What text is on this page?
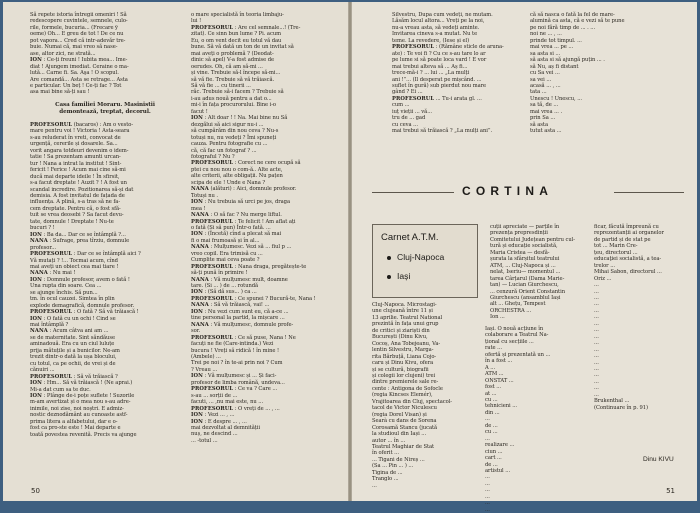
Să repete istoria întregii omeniri ! Să
redescopere cuvintele, semnele, culo-
rile, formele, bucuria... (Frecare ÿ
oeme) Oh... E greu de tot ! De ce nu
pot vapora... Cred că intr-adevăr tre-
buie. Numai că, mai vreo să nase-
ase, altor zici, ne strată...
ION : Ce-ți freuni ! Iubita mea... Ime-
diat ! Ajungem imediat. Ceraine o ma-
lută... Carne fi. Sa. Aşa ! O scopul.
Are comandă... Asta se retrage... Asta
e particular. Un beț ! Ce-ți fac ? Tot
asa mai bine să-ți sau !

Casa familiei Moraru. Masinistii
demontează, treptat, decorul.

PROFESORUL (bacaros) : Am o vesto-
mare pentru voi ! Victoria ! Asta-seara
s-au reluderat în vreti, convocat de
urgență, cererile și dosarele. Sa...
vorit angara totdeuri devenim o idem-
tatie ! Sa prezentam amunti urcan-
tur ! Nana a intrat la institut ! Sint-
fericit ! Ferice ! Acum mai cine să-mi
ducă mai departe ideile ! În sfirsit,
s-a facut dreptate ! Auzit ? ! A fost un
scandal incredire. Pozitionarea să-și dat
demisia. A fost invitatul de fațada de
influența. A plină, s-a tras să ne fa-
cem dreptate. Pentru că, o fost sfă-
tuit se vrea deosebi ? Sa facut devu-
tate, domnule ! Dreptate ! Nu-te
bucuri ? !
ION : Ba da... Dar ce se întâmplă ?...
NANA : Sufrage, prea tîrziu, domnule
profesor...
PROFESORUL : Dar ce se întâmplă aici ?
Vă mutați ? !... Tocmai acum, cînd
mai aveți un obiect cea mai tiare !
NANA : Nu mai !
ION : Domnule profesor, avem o fată !
Una rupta din soare. Cea ...
se ajunge închis. Să pun...
tm. în ocul cauzei. Simtea în plin
explode demagrafică, domnule profesor.
PROFESORUL : O fată ? Să vă trăiască !
ION : O fată cu un ochi ! Cind se
mai întâmplă ?
NANA : Acum câtva ani am ...
se de maternitate. Sint săndăuse
aminadouă. Era cu un ciul luluțe
prija mătuțile și a bunicilor. Ne-am
trezit dintr-o dată la ușa blocului,
cu totul, ca pe ochii, de vrei și de
cănuiri ...
PROFESORUL : Să vă trăiască ?
ION : Hm... Să vă trăiască ! (Ne aprai.)
Mi-a dat cum sa te duc.
ION : Plânge de-i poțe suflete ! Suzorile
m-am avertizat și o mea nou s-au adre-
inimile, noi zise, noi noștri. E admiz-
nostic deznodământ au cunoaste astf-
prima litera a alfabetului, dar e o-
fost ca pro-ste este ! Mai departe e
toată povestea revenită. Precis va ajunge
o mare specialistă în teoria limbaju-
lui !
PROFESORUL : Are cel semnale...! (Tre-
zitat). Ce sinn bun lume ? Pi. acum
Eu, o om vent decit eu totul vă dau
bune. Să vă dată un ton de un invitat să
mai aveți o problemă ? (Deodat-
dinic să apel) V-a fost admise de
oerudes. Oh, că am să-mi ...
și vine. Trebuie să-l începe să-mi...
să vă fie. Trebuie să vă trăiască.
Să vă fie ... cu tinerii ...
răc. Trebuie să-i facem ? Trebuie să
i-au adus nouă pentru a dat o...
mi-i în fața procurorului. Bine i-o
facut !
ION : Alt doar ! ! Na. Mai bine nu Să
dezgălui să aici sigur nu-i ...
să cumpărăm din nou ceva ? Nu-s
totuși nu, nu vedeți ? Îmi spuneți
cauza. Pentru fotografie cu ...
că, că fac un fotograf ? ...
fotograful ? Nu ?
PROFESORUL : Corect ne cere ocupă să
ptei cu nou nou o com-ă.. Alte acte,
alte criterii, alte obligații. Nu pațen
scipa de ele ! Unde e Nana ?
NANA (alături) : Aici, domnule profesor.
Totuși nu .
ION : Nu trebuia să urci pe jos, draga
mea !
NANA : O să fac ? Nu merge liftul.
PROFESORUL : Te felicit ! Am aflat ați
o fată (Si să pun) Într-o fată. ...
ION : (Încetă) cînd a plecat să mai
fi o mai frumoasă și în al...
NANA : Mulțumesc. Vezi să ... fiul p ...
vreo copil. Era trimisă cu ...
Cumplite mai ceva poate ?
PROFESORUL : Nana draga, pregătește-te
să-ți pună în primire !
NANA : Vă mulțumesc mult, doamne
tare. (Si ... ) de ... rotundă
ION : (Să dă sus... ) ca ...
PROFESORUL : Ce spunei ? Bucură-te, Nana !
NANA : Să vă trăiască, vai! ...
ION : Nu vezi cum sunt eu, că a-ce ...
tine personal la partid, la mișcare ...
NANA : Vă mulțumesc, domnule profe-
sor.
PROFESORUL : Ce să puse, Nana ! Ne
facuți ne fie (Care-intinda.) Vezi
bucura ! Vreți să ridică ! în mine !
(Ambele) ...
Trei pe noi ? în te-ai prin noi ? Cum
? Vreau ...
ION : Vă mulțumesc și ... Și faci-
profesor de limba română, undeva...
PROFESORUL : Ce va ? Care ...
s-au ... sorții de ...
facuti, ... ,nu mai este, nu ...
PROFESORUL : O vreți de ... , ...
ION : Vezi ... , ...
ION : E despre ... , ...
mai dezvoltat al demnității
nuș, ne descind ...
... -totul ...
50
Silvestru, Dupa cum vedeți, ne mutam.
Lăsăm locul altora... Vreți pe la noi,
nu-a vreau asta, să vedeți aminte.
Invitarea cineva s-a mutat. Nu te
teme. La revedere, (Iese și el)
PROFESORUL : (Rămâne sticle de aruna-
ate) : Te voi fi ? Cu ce s-au tare lo ar
pe lume si să poate loca vard ! E vor
mai trebui alteva să ... Aș fi...
trece-mă-i ? ... lui ... „La mulți
ani !”... (Il desperat pe mișcând. ...
suflet în gură) sub pierdut nou mare
gând ? Ei ...
PROFESORUL ... Tu-i arata gl. ...
cum ...
iuț vieții ... vă...
tru de ... gad
cu ceva ...
mai trebui să trăiască ? „La mulți ani”.
că să nasca o fată la fel de mare-
alumină ca asta, că e vezi să te pune
pe noi fără timp de ... . ...
noi ne ... , ...
prinde tot timpul. ...
mai vrea ... pe ...
sa asta si ...
să asta si să ajungă puțin ... .
să Nu, aș fi distant
cu Sa vei ...
sa vei ...
acasă ... , ...
tata ...
Unescu ! Unescu, ...
sa tă, de ...
mai vrea ... .
prin Sa ...
să asta
tutut asta ...
CORTINA
Carnet A.T.M.
Cluj-Napoca
Iași
cuții apreciate — parțile în
prezența prepresdinții
Comitetului Județean pentru cul-
tură și educație socialistă,
Maria Cristea — desfă-
șurata la sfârșitul teatrului
ATM, ... Cluj-Napoca și ...
nelat, Iseriu— momentul ...
tarea Cârțarul (Dama Marie-
tan) — Lucian Giurchescu,
... cenzură Orient Constantin
Giurchescu (ansamblul Iași
alt ... Ghețu, Tempest
ORCHESTRA ...
Ion ...
Cluj-Napoca. Microstagi-
une clujeană între 11 și
13 aprilie. Teatrul National
prezintă în fața unui grup
de critici și ziariști din
București (Dinu Kivu,
Cocoș, Ana Tobejeanu, Va-
lentin Silvestru, Marga-
rita Bărbuță, Liana Cojo-
caru și Dinu Kivu, ofera
și se cultură, biografii
și colegii lor clujeni) trei
dintre premierele sale re-
cente : Antigona de Sofocle
(regia Kincses Elemér),
Vrajitoarea din Cluj, spectacol-
tacol de Victor Niculescu
(regia Dorel Visan) și
Searà cu dans de Sorena
Corosamă Stancu (jucată
la studioul din Iași ...
autor ... în ...
Teatrul Maghiar de Stat
în oferit ...
... Tigani de Nireș ...
(Sa ... Pin ... ) ...
Tigina de ...
Tranglo ...
...
Iași. O nouă acțiune în
colaborare a Teatrul Na-
țional cu secțiile ...
rate ...
ofertă și prezentată un ...
în a fost ...
A ...
ATM ...
ONSTAT ...
fost ...
at ...
cu ...
tehnicieni ...
din ...
...
de ...
cu ...
...
realizare ...
ciun ...
cart ...
de ...
artistul ...
...
...
...
...
...
...
ficar, făcută împreună cu
reprezentanții ai organelor
de partid și de stat pe
tot ... Marin Cre-
țeu, directorul ...
educaţiei socialistă, a tea-
trelor ...
Mihai Sabon, directorul ...
Oriz ...
...
...
...
...
...
...
...
...
...
...
...
...
...
...
...
...
...
...
Brukenthal ...
(Continuare în p. 91)
Dinu KIVU
51
